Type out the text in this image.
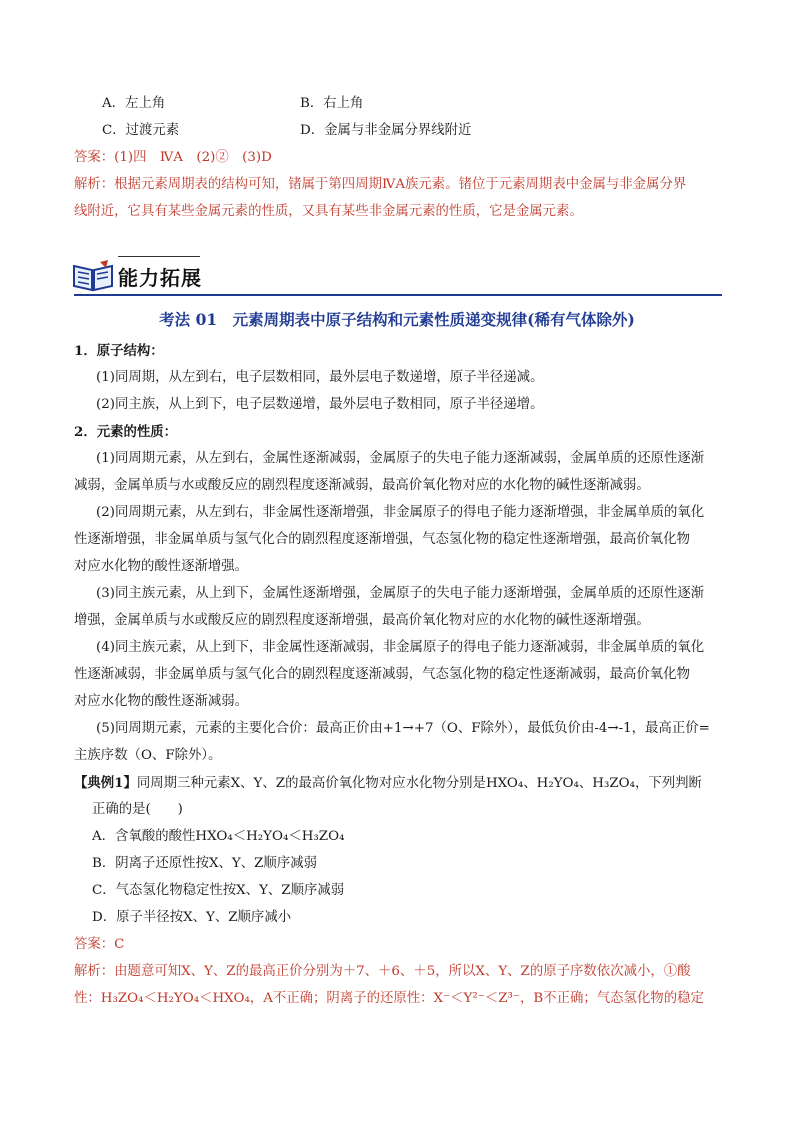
A．左上角	B．右上角
C．过渡元素	D．金属与非金属分界线附近
答案：(1)四　ⅣA　(2)②　(3)D
解析：根据元素周期表的结构可知，锗属于第四周期ⅣA族元素。锗位于元素周期表中金属与非金属分界
线附近，它具有某些金属元素的性质，又具有某些非金属元素的性质，它是金属元素。
能力拓展
考法 01　元素周期表中原子结构和元素性质递变规律(稀有气体除外)
1．原子结构：
(1)同周期，从左到右，电子层数相同，最外层电子数递增，原子半径递减。
(2)同主族，从上到下，电子层数递增，最外层电子数相同，原子半径递增。
2．元素的性质：
(1)同周期元素，从左到右，金属性逐渐减弱，金属原子的失电子能力逐渐减弱，金属单质的还原性逐渐
减弱，金属单质与水或酸反应的剧烈程度逐渐减弱，最高价氧化物对应的水化物的碱性逐渐减弱。
(2)同周期元素，从左到右，非金属性逐渐增强，非金属原子的得电子能力逐渐增强，非金属单质的氧化
性逐渐增强，非金属单质与氢气化合的剧烈程度逐渐增强，气态氢化物的稳定性逐渐增强，最高价氧化物
对应水化物的酸性逐渐增强。
(3)同主族元素，从上到下，金属性逐渐增强，金属原子的失电子能力逐渐增强，金属单质的还原性逐渐
增强，金属单质与水或酸反应的剧烈程度逐渐增强，最高价氧化物对应的水化物的碱性逐渐增强。
(4)同主族元素，从上到下，非金属性逐渐减弱，非金属原子的得电子能力逐渐减弱，非金属单质的氧化
性逐渐减弱，非金属单质与氢气化合的剧烈程度逐渐减弱，气态氢化物的稳定性逐渐减弱，最高价氧化物
对应水化物的酸性逐渐减弱。
(5)同周期元素，元素的主要化合价：最高正价由+1→+7（O、F除外），最低负价由-4→-1，最高正价=
主族序数（O、F除外）。
【典例1】同周期三种元素X、Y、Z的最高价氧化物对应水化物分别是HXO₄、H₂YO₄、H₃ZO₄，下列判断
正确的是(　　)
A．含氧酸的酸性HXO₄＜H₂YO₄＜H₃ZO₄
B．阴离子还原性按X、Y、Z顺序减弱
C．气态氢化物稳定性按X、Y、Z顺序减弱
D．原子半径按X、Y、Z顺序减小
答案：C
解析：由题意可知X、Y、Z的最高正价分别为＋7、＋6、＋5，所以X、Y、Z的原子序数依次减小，①酸
性：H₃ZO₄＜H₂YO₄＜HXO₄，A不正确；阴离子的还原性：X⁻＜Y²⁻＜Z³⁻，B不正确；气态氢化物的稳定
